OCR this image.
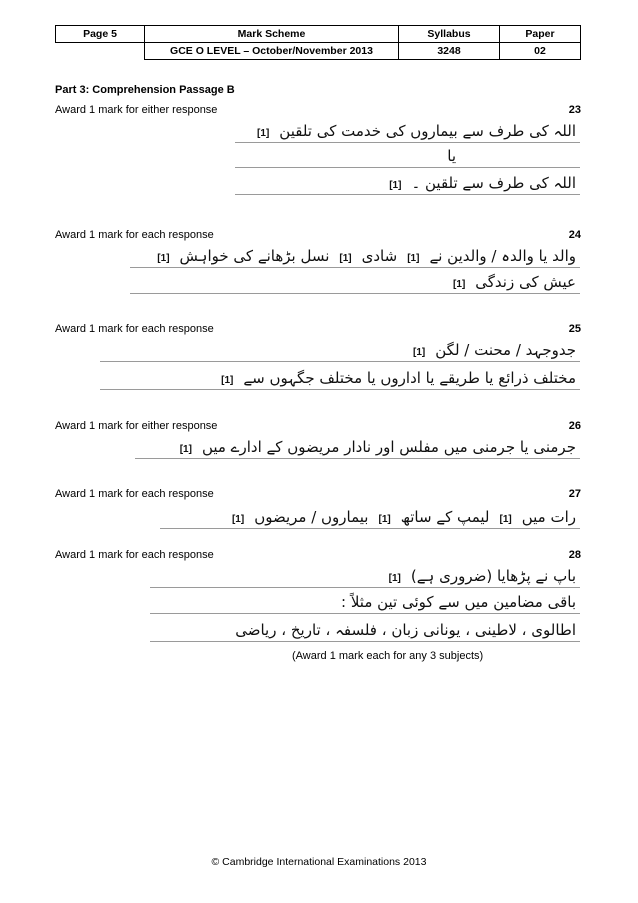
Page 5	Mark Scheme	Syllabus	Paper
	GCE O LEVEL – October/November 2013	3248	02
Part 3: Comprehension Passage B
Award 1 mark for either response	23
اللہ کی طرف سے بیماروں کی خدمت کی تلقین
[1]
یا
اللہ کی طرف سے تلقین ۔
[1]
Award 1 mark for each response	24
والد یا والدہ / والدین نے
[1]
شادی
[1]
نسل بڑھانے کی خواہش
[1]
عیش کی زندگی
[1]
Award 1 mark for each response	25
جدوجہد / محنت / لگن
[1]
مختلف ذرائع یا طریقے یا اداروں یا مختلف جگہوں سے
[1]
Award 1 mark for either response	26
جرمنی یا جرمنی میں مفلس اور نادار مریضوں کے ادارے میں
[1]
Award 1 mark for each response	27
رات میں
[1]
لیمپ کے ساتھ
[1]
بیماروں / مریضوں
[1]
Award 1 mark for each response	28
باپ نے پڑھایا (ضروری ہے)
[1]
باقی مضامین میں سے کوئی تین مثلاً :
اطالوی ، لاطینی ، یونانی زبان ، فلسفہ ، تاریخ ، ریاضی
(Award 1 mark each for any 3 subjects)
© Cambridge International Examinations 2013
